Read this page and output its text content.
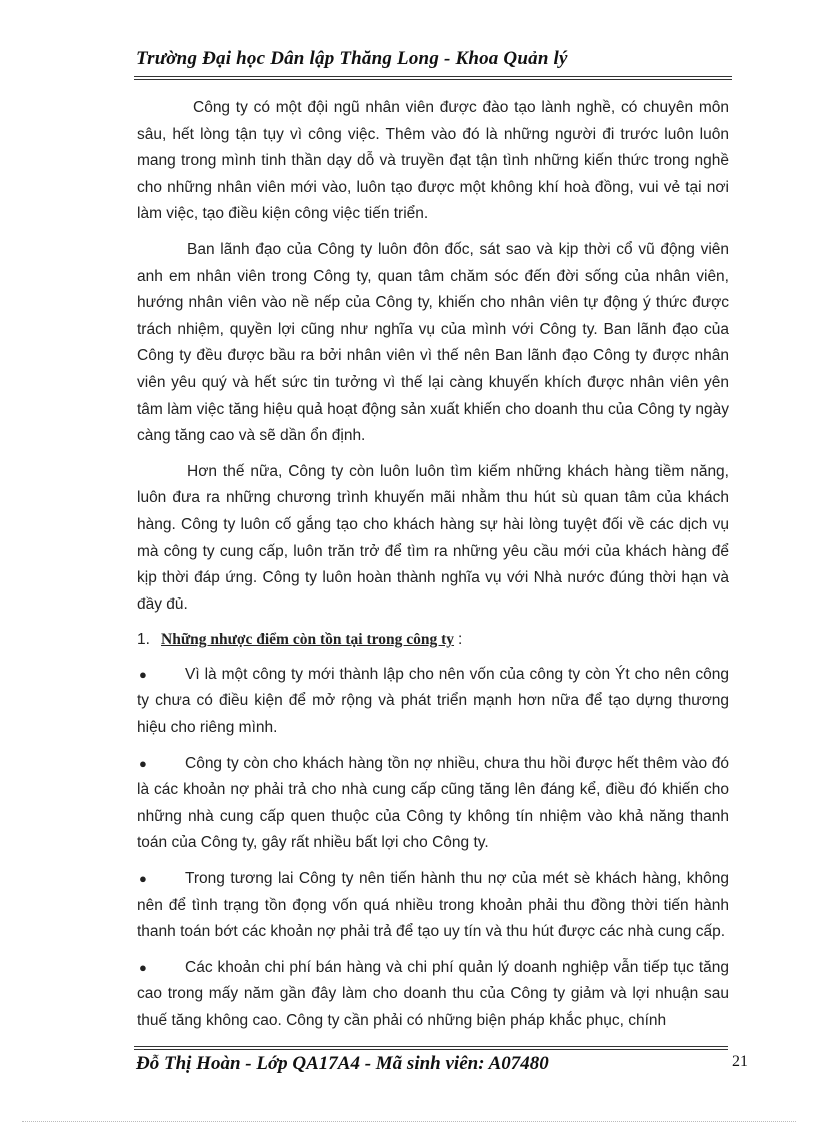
Trường Đại học Dân lập Thăng Long - Khoa Quản lý

Công ty có một đội ngũ nhân viên được đào tạo lành nghề, có chuyên môn sâu, hết lòng tận tụy vì công việc. Thêm vào đó là những người đi trước luôn luôn mang trong mình tinh thần dạy dỗ và truyền đạt tận tình những kiến thức trong nghề cho những nhân viên mới vào, luôn tạo được một không khí hoà đồng, vui vẻ tại nơi làm việc, tạo điều kiện công việc tiến triển.

Ban lãnh đạo của Công ty luôn đôn đốc, sát sao và kịp thời cổ vũ động viên anh em nhân viên trong Công ty, quan tâm chăm sóc đến đời sống của nhân viên, hướng nhân viên vào nề nếp của Công ty, khiến cho nhân viên tự động ý thức được trách nhiệm, quyền lợi cũng như nghĩa vụ của mình với Công ty. Ban lãnh đạo của Công ty đều được bầu ra bởi nhân viên vì thế nên Ban lãnh đạo Công ty được nhân viên yêu quý và hết sức tin tưởng vì thế lại càng khuyến khích được nhân viên yên tâm làm việc tăng hiệu quả hoạt động sản xuất khiến cho doanh thu của Công ty ngày càng tăng cao và sẽ dần ổn định.

Hơn thế nữa, Công ty còn luôn luôn tìm kiếm những khách hàng tiềm năng, luôn đưa ra những chương trình khuyến mãi nhằm thu hút sù quan tâm của khách hàng. Công ty luôn cố gắng tạo cho khách hàng sự hài lòng tuyệt đối về các dịch vụ mà công ty cung cấp, luôn trăn trở để tìm ra những yêu cầu mới của khách hàng để kịp thời đáp ứng. Công ty luôn hoàn thành nghĩa vụ với Nhà nước đúng thời hạn và đầy đủ.

1. Những nhược điểm còn tồn tại trong công ty :

● Vì là một công ty mới thành lập cho nên vốn của công ty còn Ýt cho nên công ty chưa có điều kiện để mở rộng và phát triển mạnh hơn nữa để tạo dựng thương hiệu cho riêng mình.

● Công ty còn cho khách hàng tồn nợ nhiều, chưa thu hồi được hết thêm vào đó là các khoản nợ phải trả cho nhà cung cấp cũng tăng lên đáng kể, điều đó khiến cho những nhà cung cấp quen thuộc của Công ty không tín nhiệm vào khả năng thanh toán của Công ty, gây rất nhiều bất lợi cho Công ty.

● Trong tương lai Công ty nên tiến hành thu nợ của mét sè khách hàng, không nên để tình trạng tồn đọng vốn quá nhiều trong khoản phải thu đồng thời tiến hành thanh toán bớt các khoản nợ phải trả để tạo uy tín và thu hút được các nhà cung cấp.

● Các khoản chi phí bán hàng và chi phí quản lý doanh nghiệp vẫn tiếp tục tăng cao trong mấy năm gần đây làm cho doanh thu của Công ty giảm và lợi nhuận sau thuế tăng không cao. Công ty cần phải có những biện pháp khắc phục, chính

Đỗ Thị Hoàn - Lớp QA17A4 - Mã sinh viên: A07480	21
